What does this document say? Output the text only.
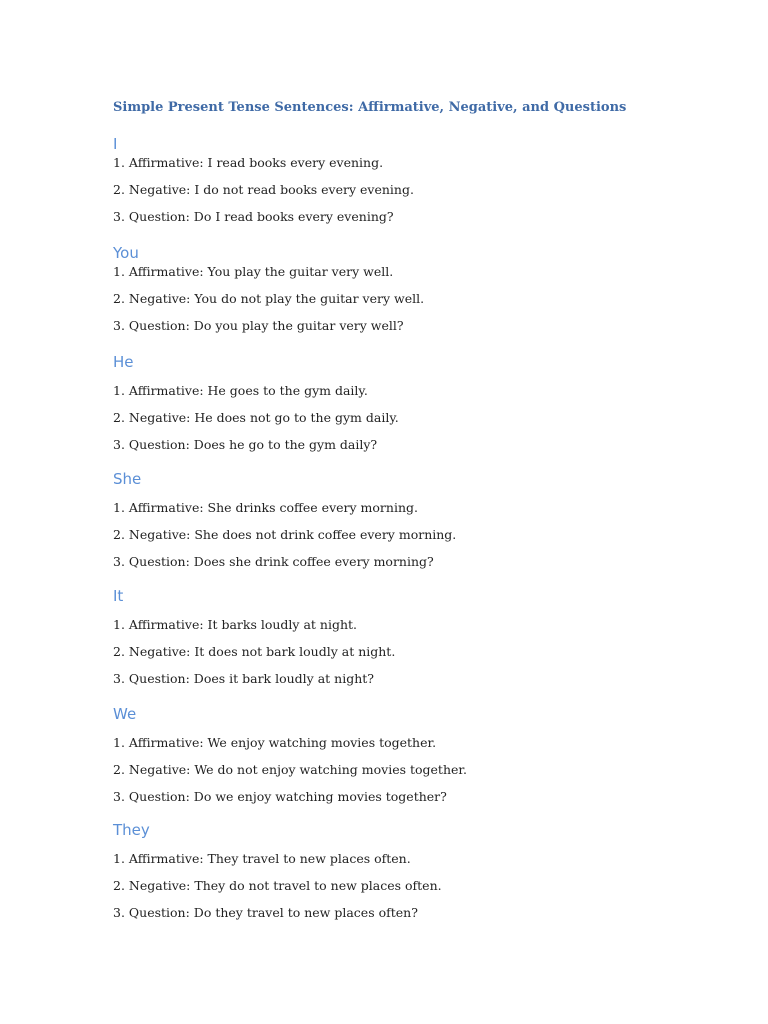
Simple Present Tense Sentences: Affirmative, Negative, and Questions
I

1. Affirmative: I read books every evening.

2. Negative: I do not read books every evening.

3. Question: Do I read books every evening?

You

1. Affirmative: You play the guitar very well.

2. Negative: You do not play the guitar very well.

3. Question: Do you play the guitar very well?

He

1. Affirmative: He goes to the gym daily.

2. Negative: He does not go to the gym daily.

3. Question: Does he go to the gym daily?

She

1. Affirmative: She drinks coffee every morning.

2. Negative: She does not drink coffee every morning.

3. Question: Does she drink coffee every morning?

It

1. Affirmative: It barks loudly at night.

2. Negative: It does not bark loudly at night.

3. Question: Does it bark loudly at night?

We

1. Affirmative: We enjoy watching movies together.

2. Negative: We do not enjoy watching movies together.

3. Question: Do we enjoy watching movies together?

They

1. Affirmative: They travel to new places often.

2. Negative: They do not travel to new places often.

3. Question: Do they travel to new places often?
